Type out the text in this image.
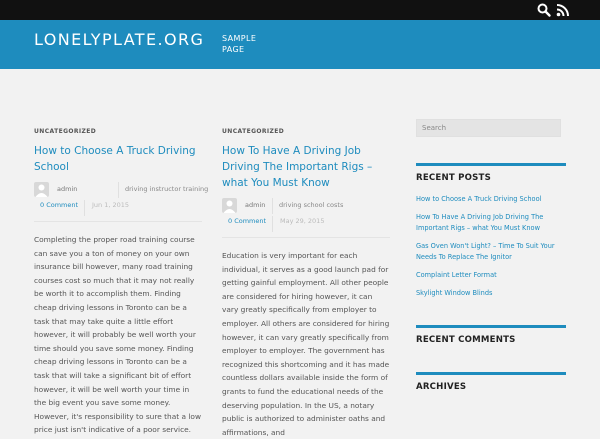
LONELYPLATE.ORG SAMPLE PAGE
UNCATEGORIZED
How to Choose A Truck Driving School
admin	driving instructor training
0 Comment Jun 1, 2015
Completing the proper road training course can save you a ton of money on your own insurance bill however, many road training courses cost so much that it may not really be worth it to accomplish them. Finding cheap driving lessons in Toronto can be a task that may take quite a little effort however, it will probably be well worth your time should you save some money. Finding cheap driving lessons in Toronto can be a task that will take a significant bit of effort however, it will be well worth your time in the big event you save some money. However, it's responsibility to sure that a low price just isn't indicative of a poor service.
UNCATEGORIZED
How To Have A Driving Job Driving The Important Rigs – what You Must Know
admin driving school costs
0 Comment May 29, 2015
Education is very important for each individual, it serves as a good launch pad for getting gainful employment. All other people are considered for hiring however, it can vary greatly specifically from employer to employer. All others are considered for hiring however, it can vary greatly specifically from employer to employer. The government has recognized this shortcoming and it has made countless dollars available inside the form of grants to fund the educational needs of the deserving population. In the US, a notary public is authorized to administer oaths and affirmations, and
Search
RECENT POSTS
How to Choose A Truck Driving School
How To Have A Driving Job Driving The Important Rigs – what You Must Know
Gas Oven Won't Light? – Time To Suit Your Needs To Replace The Ignitor
Complaint Letter Format
Skylight Window Blinds
RECENT COMMENTS
ARCHIVES
